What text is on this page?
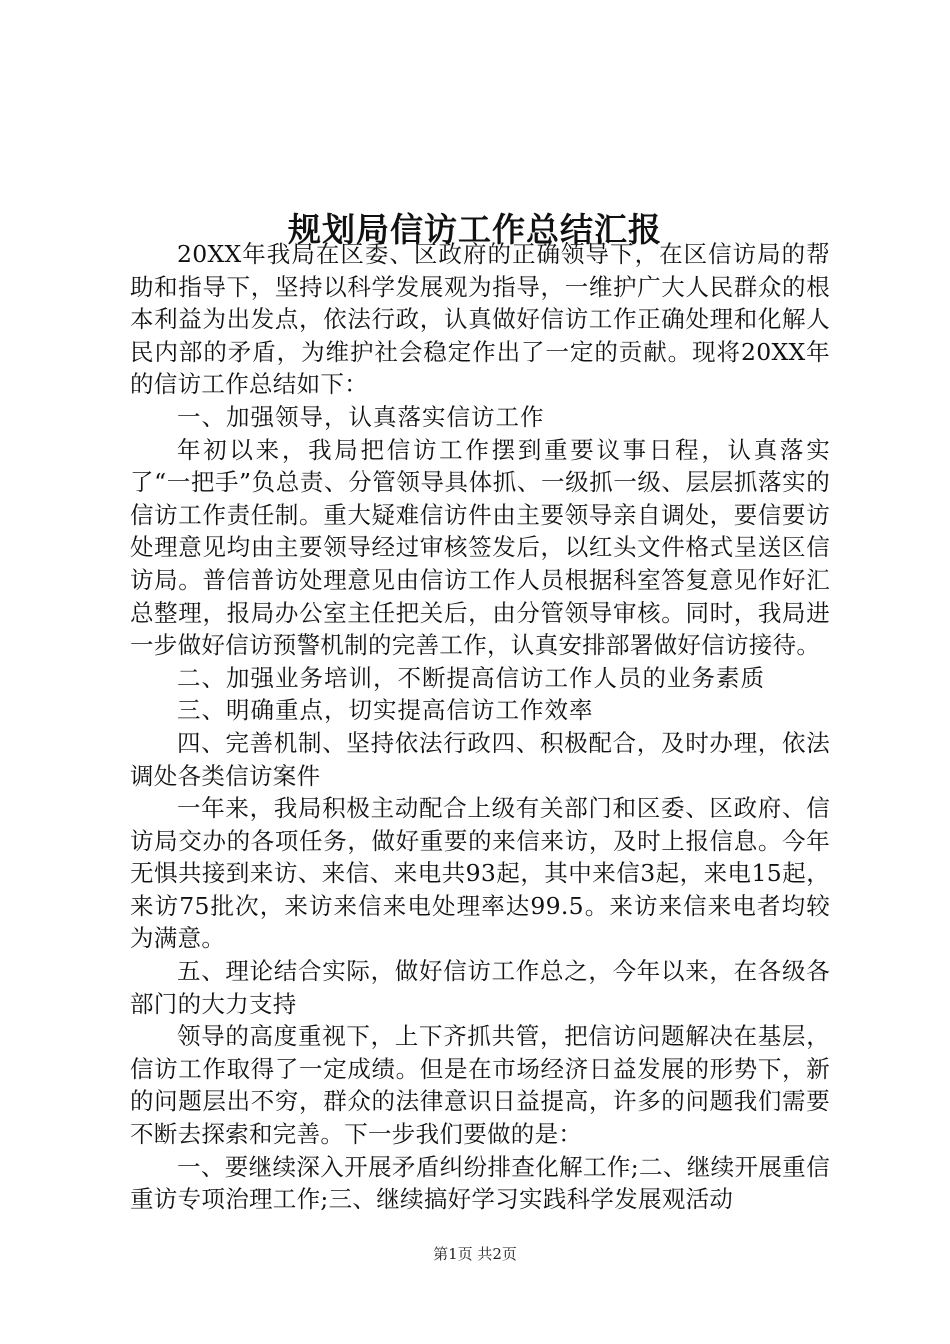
规划局信访工作总结汇报

20XX年我局在区委、区政府的正确领导下，在区信访局的帮助和指导下，坚持以科学发展观为指导，一维护广大人民群众的根本利益为出发点，依法行政，认真做好信访工作正确处理和化解人民内部的矛盾，为维护社会稳定作出了一定的贡献。现将20XX年的信访工作总结如下：

一、加强领导，认真落实信访工作

年初以来，我局把信访工作摆到重要议事日程，认真落实了“一把手”负总责、分管领导具体抓、一级抓一级、层层抓落实的信访工作责任制。重大疑难信访件由主要领导亲自调处，要信要访处理意见均由主要领导经过审核签发后，以红头文件格式呈送区信访局。普信普访处理意见由信访工作人员根据科室答复意见作好汇总整理，报局办公室主任把关后，由分管领导审核。同时，我局进一步做好信访预警机制的完善工作，认真安排部署做好信访接待。

二、加强业务培训，不断提高信访工作人员的业务素质

三、明确重点，切实提高信访工作效率

四、完善机制、坚持依法行政四、积极配合，及时办理，依法调处各类信访案件

一年来，我局积极主动配合上级有关部门和区委、区政府、信访局交办的各项任务，做好重要的来信来访，及时上报信息。今年无惧共接到来访、来信、来电共93起，其中来信3起，来电15起，来访75批次，来访来信来电处理率达99.5。来访来信来电者均较为满意。

五、理论结合实际，做好信访工作总之，今年以来，在各级各部门的大力支持

领导的高度重视下，上下齐抓共管，把信访问题解决在基层，信访工作取得了一定成绩。但是在市场经济日益发展的形势下，新的问题层出不穷，群众的法律意识日益提高，许多的问题我们需要不断去探索和完善。下一步我们要做的是：

一、要继续深入开展矛盾纠纷排查化解工作;二、继续开展重信重访专项治理工作;三、继续搞好学习实践科学发展观活动

第1页 共2页
